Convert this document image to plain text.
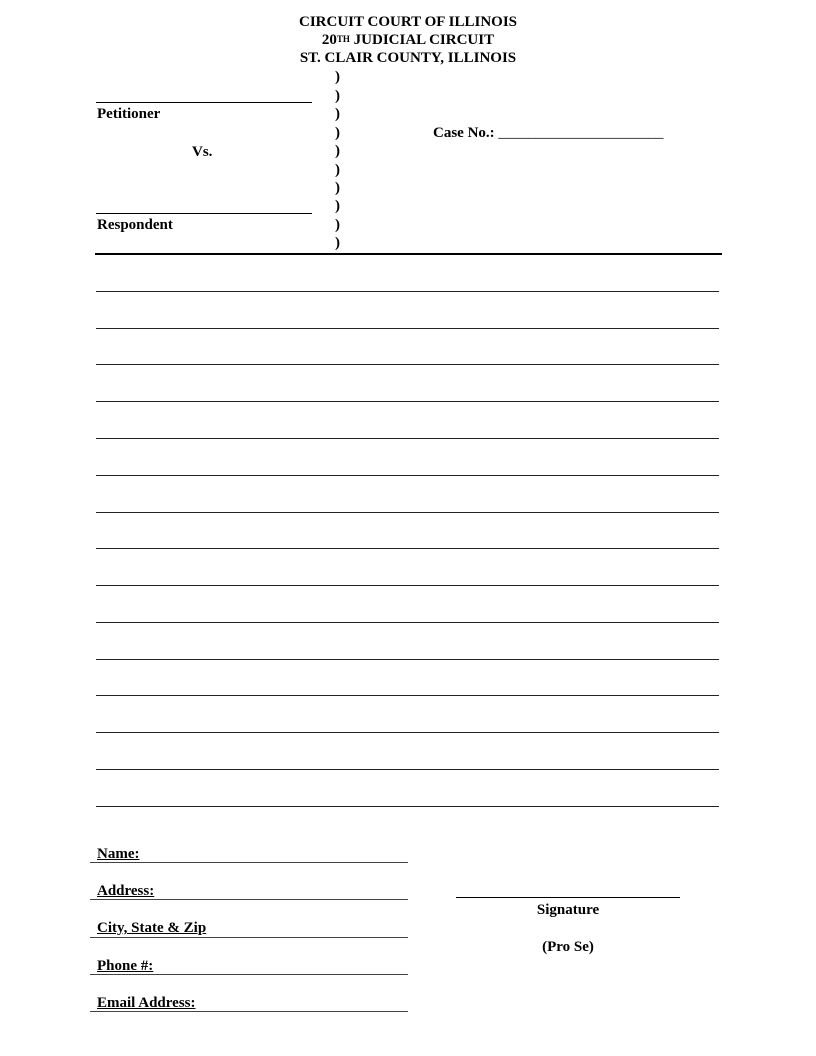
CIRCUIT COURT OF ILLINOIS
20TH JUDICIAL CIRCUIT
ST. CLAIR COUNTY, ILLINOIS
)
)
)
)
)
)
)
)
)
)
Petitioner
Vs.
Respondent
Case No.: ______________________
Name:
Address:
City, State & Zip
Phone #:
Email Address:
Signature
(Pro Se)
